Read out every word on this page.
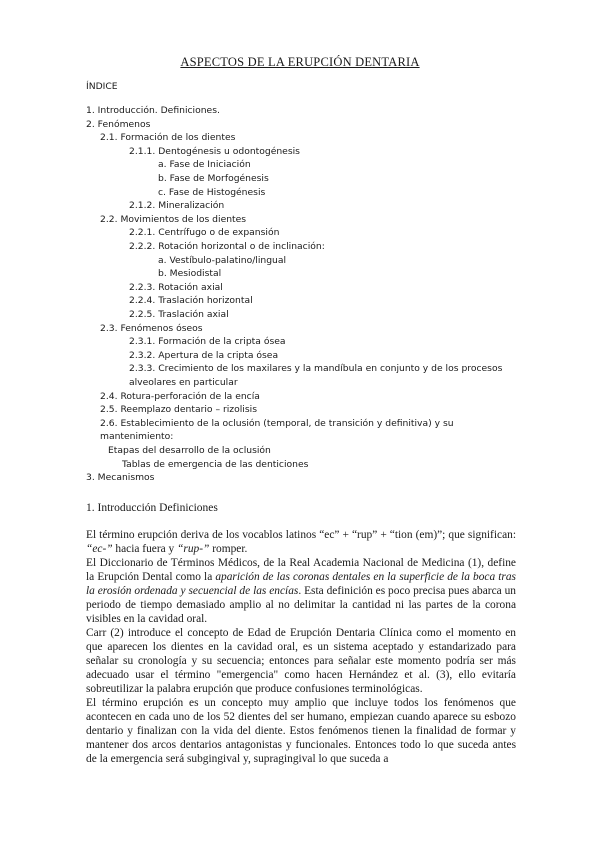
ASPECTOS DE LA ERUPCIÓN DENTARIA
ÍNDICE
1. Introducción. Definiciones.
2. Fenómenos
2.1. Formación de los dientes
2.1.1. Dentogénesis u odontogénesis
a. Fase de Iniciación
b. Fase de Morfogénesis
c. Fase de Histogénesis
2.1.2. Mineralización
2.2. Movimientos de los dientes
2.2.1. Centrífugo o de expansión
2.2.2. Rotación horizontal o de inclinación:
a. Vestíbulo-palatino/lingual
b. Mesiodistal
2.2.3. Rotación axial
2.2.4. Traslación horizontal
2.2.5. Traslación axial
2.3. Fenómenos óseos
2.3.1. Formación de la cripta ósea
2.3.2. Apertura de la cripta ósea
2.3.3. Crecimiento de los maxilares y la mandíbula en conjunto y de los procesos
alveolares en particular
2.4. Rotura-perforación de la encía
2.5. Reemplazo dentario – rizolisis
2.6. Establecimiento de la oclusión (temporal, de transición y definitiva) y su
mantenimiento:
Etapas del desarrollo de la oclusión
Tablas de emergencia de las denticiones
3. Mecanismos
1. Introducción Definiciones

El término erupción deriva de los vocablos latinos “ec” + “rup” + “tion (em)”; que significan: “ec-” hacia fuera y “rup-” romper.

El Diccionario de Términos Médicos, de la Real Academia Nacional de Medicina (1), define la Erupción Dental como la aparición de las coronas dentales en la superficie de la boca tras la erosión ordenada y secuencial de las encías. Esta definición es poco precisa pues abarca un periodo de tiempo demasiado amplio al no delimitar la cantidad ni las partes de la corona visibles en la cavidad oral.

Carr (2) introduce el concepto de Edad de Erupción Dentaria Clínica como el momento en que aparecen los dientes en la cavidad oral, es un sistema aceptado y estandarizado para señalar su cronología y su secuencia; entonces para señalar este momento podría ser más adecuado usar el término "emergencia" como hacen Hernández et al. (3), ello evitaría sobreutilizar la palabra erupción que produce confusiones terminológicas.

El término erupción es un concepto muy amplio que incluye todos los fenómenos que acontecen en cada uno de los 52 dientes del ser humano, empiezan cuando aparece su esbozo dentario y finalizan con la vida del diente. Estos fenómenos tienen la finalidad de formar y mantener dos arcos dentarios antagonistas y funcionales. Entonces todo lo que suceda antes de la emergencia será subgingival y, supragingival lo que suceda a
